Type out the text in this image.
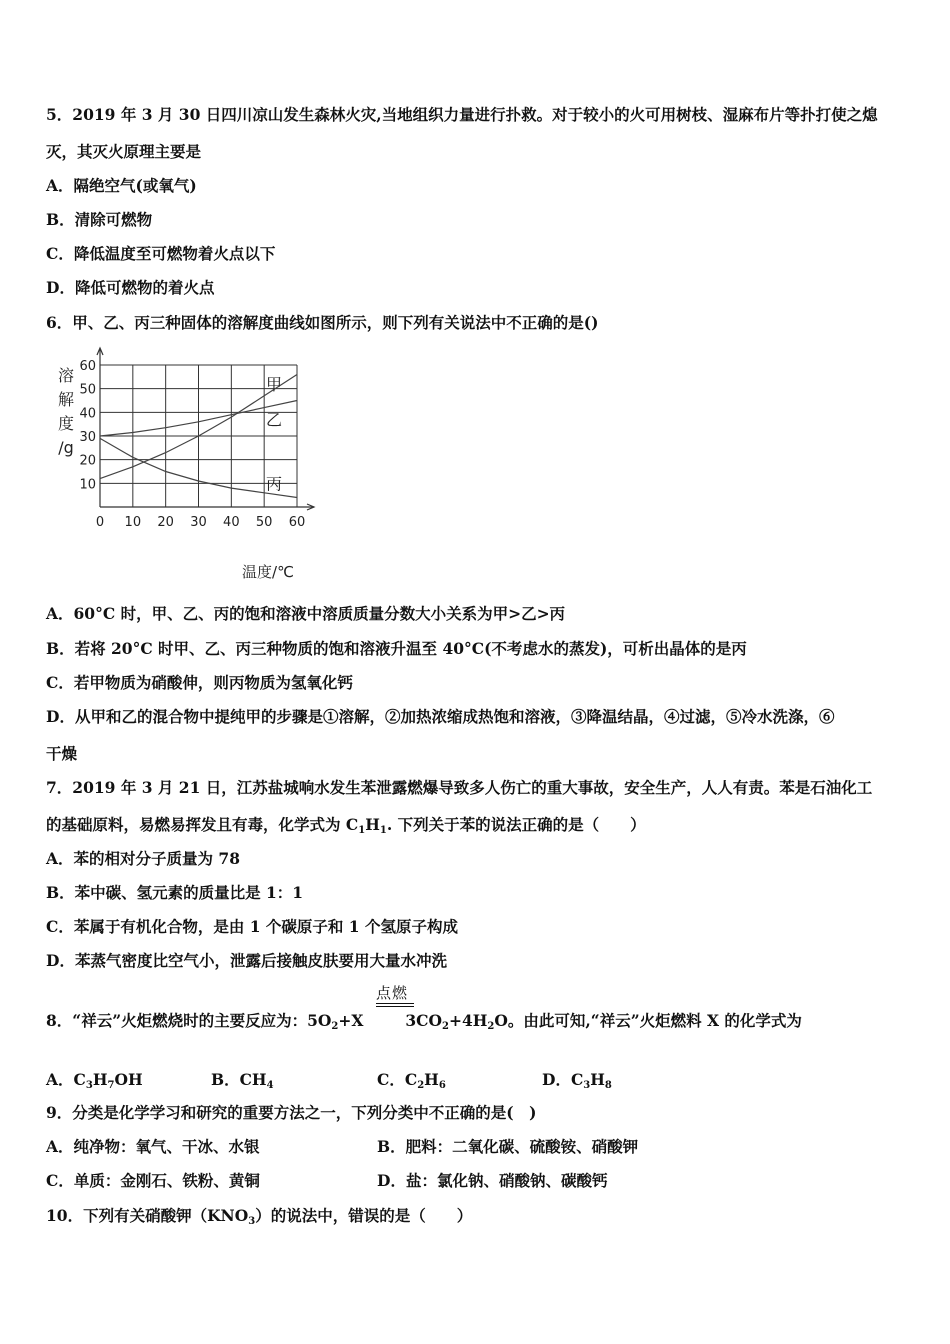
5．2019 年 3 月 30 日四川凉山发生森林火灾,当地组织力量进行扑救。对于较小的火可用树枝、湿麻布片等扑打使之熄
灭，其灭火原理主要是
A．隔绝空气(或氧气)
B．清除可燃物
C．降低温度至可燃物着火点以下
D．降低可燃物的着火点
6．甲、乙、丙三种固体的溶解度曲线如图所示，则下列有关说法中不正确的是()
0 10 20 30 40 50 60
10
20
30
40
50
60
溶
解
度
/g
温度/℃
甲
乙
丙
A．60°C 时，甲、乙、丙的饱和溶液中溶质质量分数大小关系为甲>乙>丙
B．若将 20°C 时甲、乙、丙三种物质的饱和溶液升温至 40°C(不考虑水的蒸发)，可析出晶体的是丙
C．若甲物质为硝酸伸，则丙物质为氢氧化钙
D．从甲和乙的混合物中提纯甲的步骤是①溶解，②加热浓缩成热饱和溶液，③降温结晶，④过滤，⑤冷水洗涤，⑥
干燥
7．2019 年 3 月 21 日，江苏盐城响水发生苯泄露燃爆导致多人伤亡的重大事故，安全生产，人人有责。苯是石油化工
的基础原料，易燃易挥发且有毒，化学式为 $C_1H_1$. 下列关于苯的说法正确的是（　　）
A．苯的相对分子质量为 78
B．苯中碳、氢元素的质量比是 1：1
C．苯属于有机化合物，是由 1 个碳原子和 1 个氢原子构成
D．苯蒸气密度比空气小，泄露后接触皮肤要用大量水冲洗
8．“祥云”火炬燃烧时的主要反应为：$5O_2+X$	$3CO_2+4H_2O$。由此可知,“祥云”火炬燃料 X 的化学式为
点燃
A．$C_3H_7OH$	B．$CH_4$	C．$C_2H_6$	D．$C_3H_8$
9．分类是化学学习和研究的重要方法之一，下列分类中不正确的是(　)
A．纯净物：氧气、干冰、水银	B．肥料：二氧化碳、硫酸铵、硝酸钾
C．单质：金刚石、铁粉、黄铜	D．盐：氯化钠、硝酸钠、碳酸钙
10．下列有关硝酸钾$(KNO_3)$的说法中，错误的是（　　）
